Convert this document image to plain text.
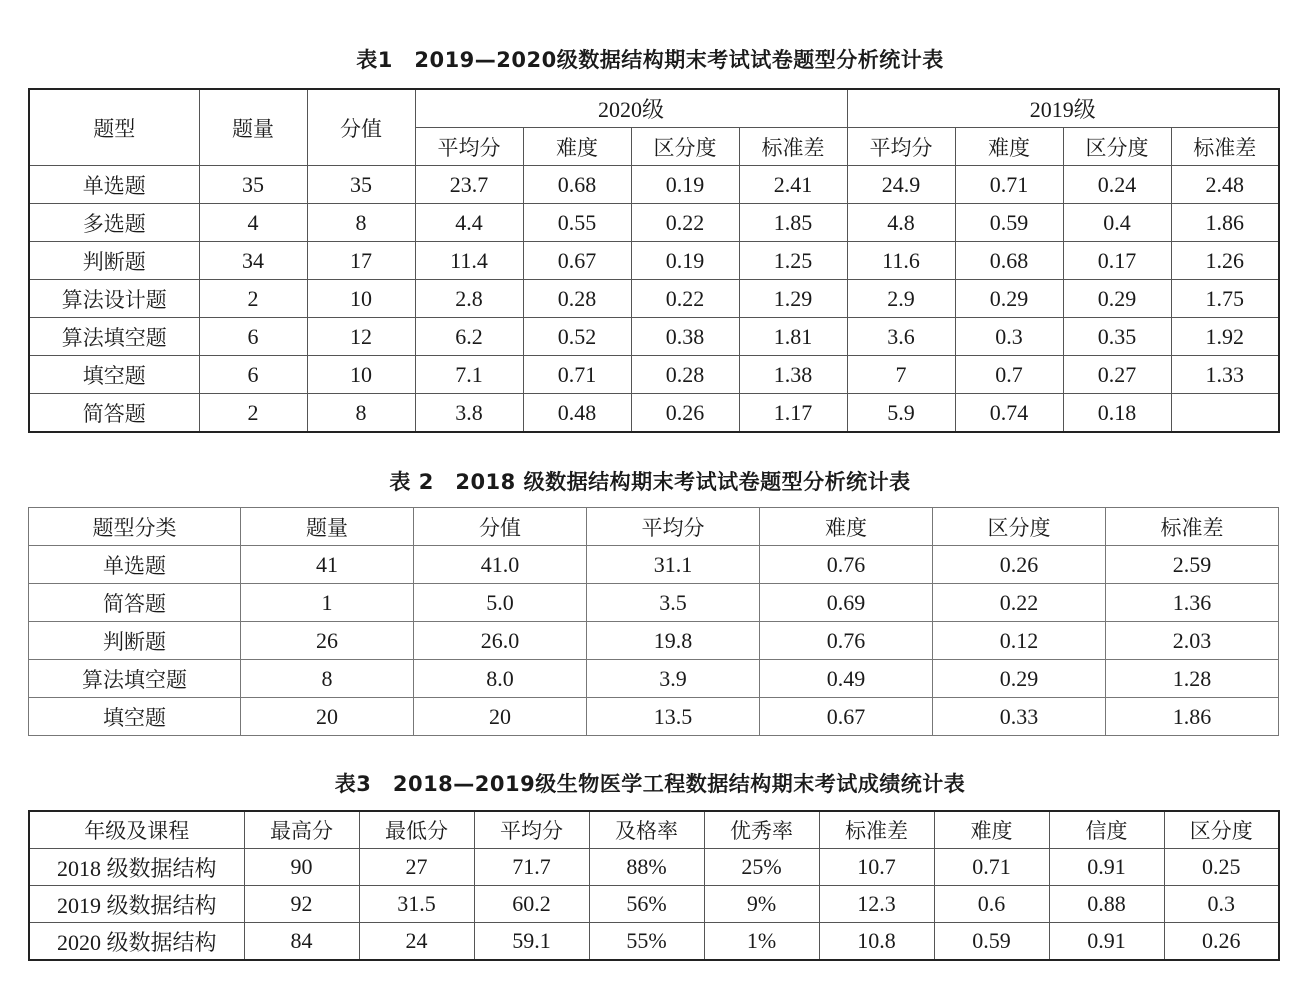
表1　2019—2020级数据结构期末考试试卷题型分析统计表
题型	题量	分值	2020级				2019级			
			平均分	难度	区分度	标准差	平均分	难度	区分度	标准差
单选题	35	35	23.7	0.68	0.19	2.41	24.9	0.71	0.24	2.48
多选题	4	8	4.4	0.55	0.22	1.85	4.8	0.59	0.4	1.86
判断题	34	17	11.4	0.67	0.19	1.25	11.6	0.68	0.17	1.26
算法设计题	2	10	2.8	0.28	0.22	1.29	2.9	0.29	0.29	1.75
算法填空题	6	12	6.2	0.52	0.38	1.81	3.6	0.3	0.35	1.92
填空题	6	10	7.1	0.71	0.28	1.38	7	0.7	0.27	1.33
简答题	2	8	3.8	0.48	0.26	1.17	5.9	0.74	0.18	
表 2　2018 级数据结构期末考试试卷题型分析统计表
题型分类	题量	分值	平均分	难度	区分度	标准差
单选题	41	41.0	31.1	0.76	0.26	2.59
简答题	1	5.0	3.5	0.69	0.22	1.36
判断题	26	26.0	19.8	0.76	0.12	2.03
算法填空题	8	8.0	3.9	0.49	0.29	1.28
填空题	20	20	13.5	0.67	0.33	1.86
表3　2018—2019级生物医学工程数据结构期末考试成绩统计表
年级及课程	最高分	最低分	平均分	及格率	优秀率	标准差	难度	信度	区分度
2018 级数据结构	90	27	71.7	88%	25%	10.7	0.71	0.91	0.25
2019 级数据结构	92	31.5	60.2	56%	9%	12.3	0.6	0.88	0.3
2020 级数据结构	84	24	59.1	55%	1%	10.8	0.59	0.91	0.26
